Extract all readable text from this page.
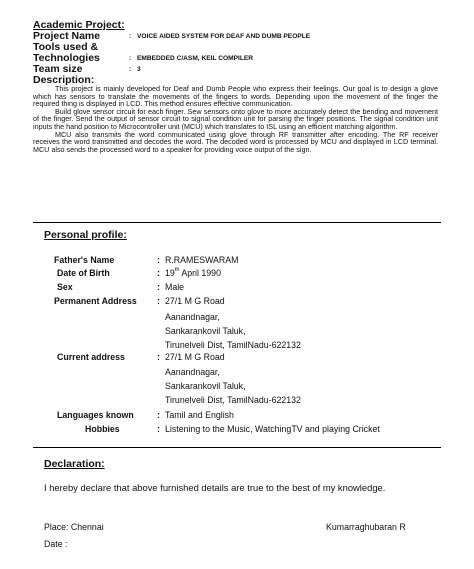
Academic Project:
Project Name	: VOICE AIDED SYSTEM FOR DEAF AND DUMB PEOPLE
Tools used &
Technologies	: EMBEDDED C/ASM, KEIL COMPILER
Team size	: 3
Description:

This project is mainly developed for Deaf and Dumb People who express their feelings. Our goal is to design a glove which has sensors to translate the movements of the fingers to words. Depending upon the movement of the finger the required thing is displayed in LCD. This method ensures effective communication.

Build glove sensor circuit for each finger. Sew sensors onto glove to more accurately detect the bending and movement of the finger. Send the output of sensor circuit to signal condition unit for parsing the finger positions. The signal condition unit inputs the hand position to Microcontroller unit (MCU) which translates to ISL using an efficient matching algorithm.

MCU also transmits the word communicated using glove through RF transmitter after encoding. The RF receiver receives the word transmitted and decodes the word. The decoded word is processed by MCU and displayed in LCD terminal. MCU also sends the processed word to a speaker for providing voice output of the sign.

Personal profile:
Father's Name	: R.RAMESWARAM
Date of Birth	: 19th April 1990
Sex	: Male
Permanent Address : 27/1 M G Road
Aanandnagar,
Sankarankovil Taluk,
Tirunelveli Dist, TamilNadu-622132
Current address	: 27/1 M G Road
Aanandnagar,
Sankarankovil Taluk,
Tirunelveli Dist, TamilNadu-622132
Languages known	: Tamil and English
Hobbies	: Listening to the Music, WatchingTV and playing Cricket
Declaration:
I hereby declare that above furnished details are true to the best of my knowledge.
Place: Chennai	Kumarraghubaran R
Date :
